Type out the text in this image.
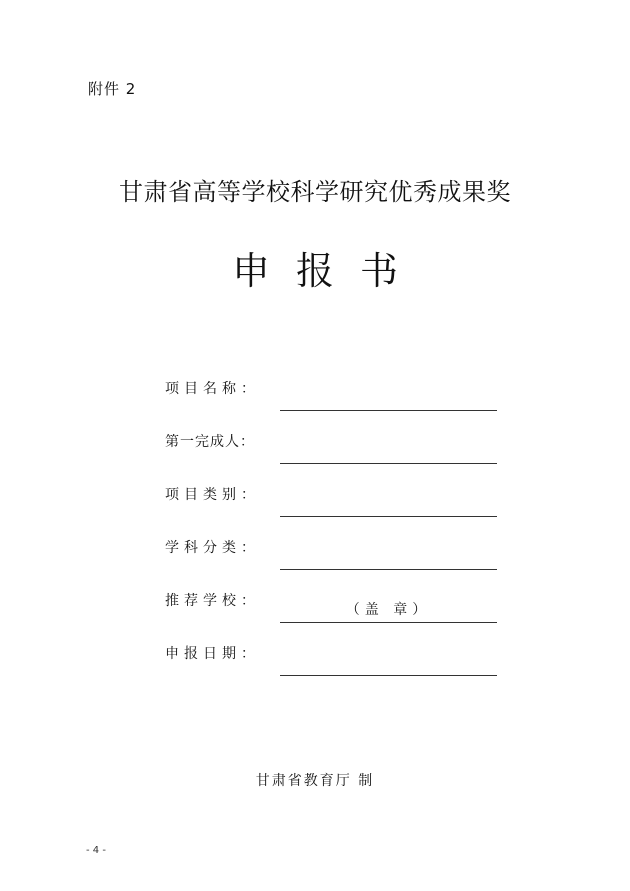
附件 2
甘肃省高等学校科学研究优秀成果奖
申报书
项目名称：
第一完成人：
项目类别：
学科分类：
推荐学校：
（盖 章）
申报日期：
甘肃省教育厅 制
- 4 -
